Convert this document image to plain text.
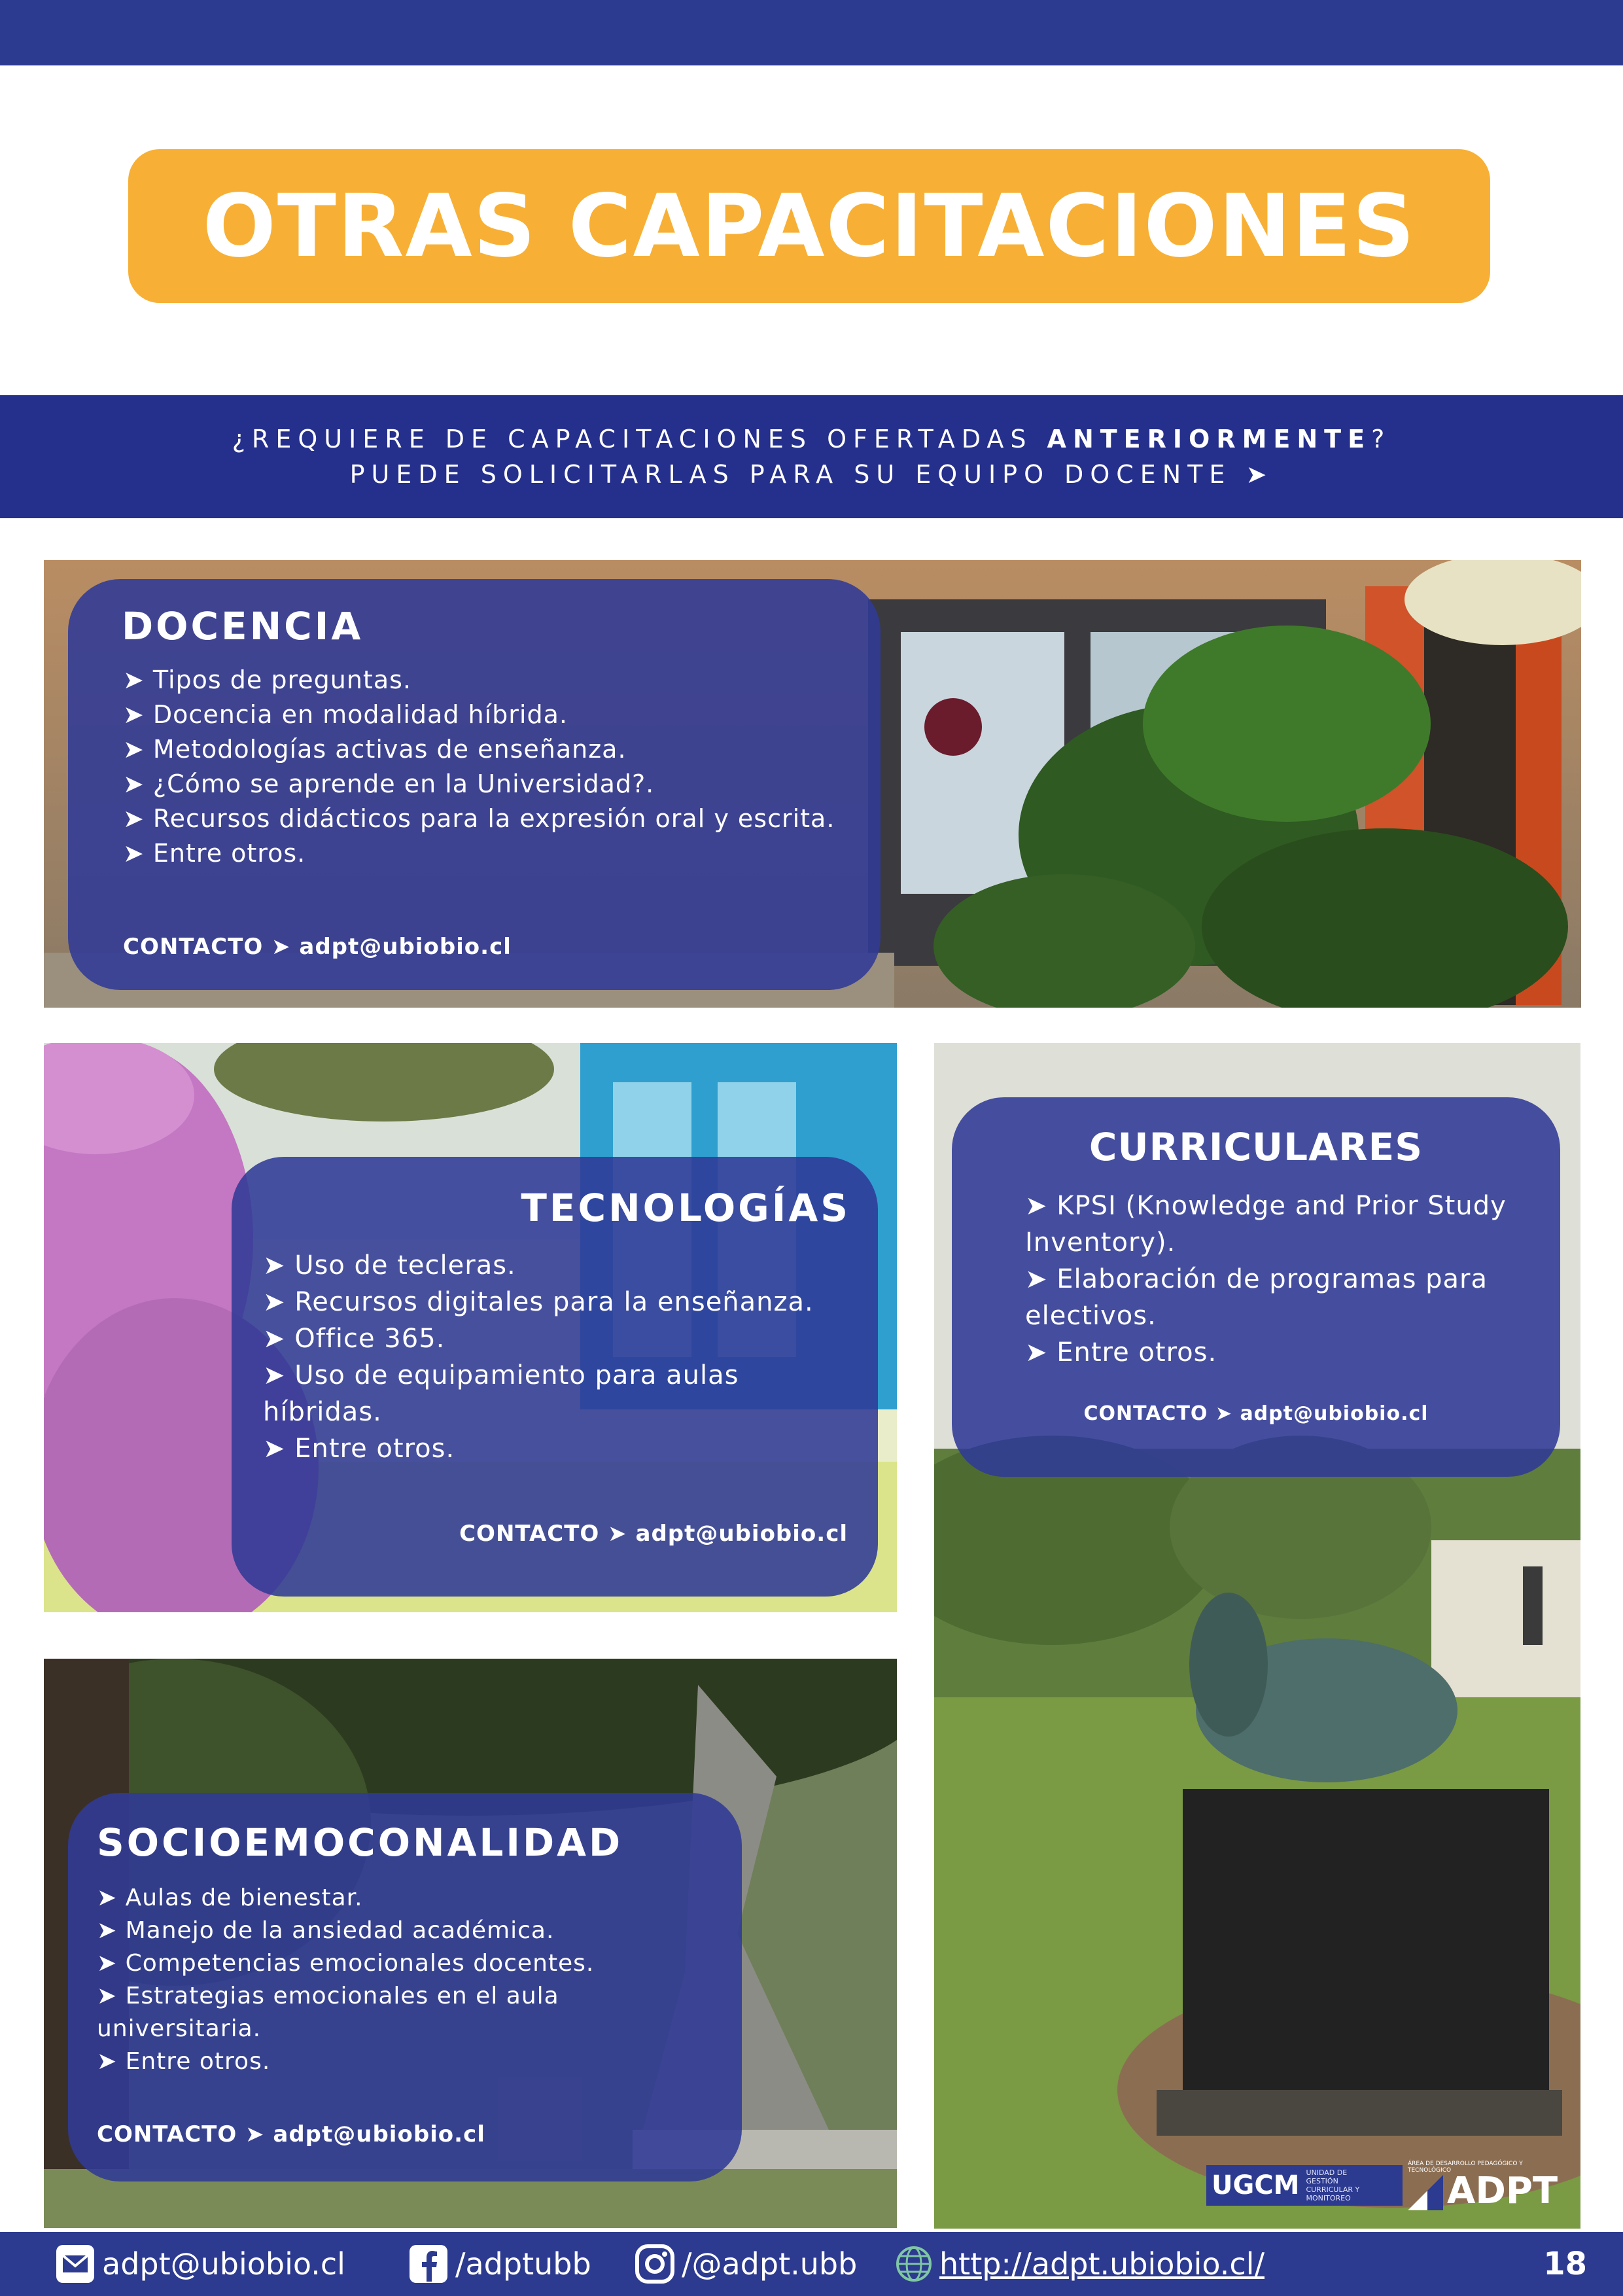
OTRAS CAPACITACIONES
¿REQUIERE DE CAPACITACIONES OFERTADAS ANTERIORMENTE?
PUEDE SOLICITARLAS PARA SU EQUIPO DOCENTE ➤
DOCENCIA
➤ Tipos de preguntas.
➤ Docencia en modalidad híbrida.
➤ Metodologías activas de enseñanza.
➤ ¿Cómo se aprende en la Universidad?.
➤ Recursos didácticos para la expresión oral y escrita.
➤ Entre otros.
CONTACTO ➤ adpt@ubiobio.cl
TECNOLOGÍAS
➤ Uso de tecleras.
➤ Recursos digitales para la enseñanza.
➤ Office 365.
➤ Uso de equipamiento para aulas híbridas.
➤ Entre otros.
CONTACTO ➤ adpt@ubiobio.cl
CURRICULARES
➤ KPSI (Knowledge and Prior Study Inventory).
➤ Elaboración de programas para electivos.
➤ Entre otros.
CONTACTO ➤ adpt@ubiobio.cl
SOCIOEMOCONALIDAD
➤ Aulas de bienestar.
➤ Manejo de la ansiedad académica.
➤ Competencias emocionales docentes.
➤ Estrategias emocionales en el aula universitaria.
➤ Entre otros.
CONTACTO ➤ adpt@ubiobio.cl
UGCM UNIDAD DE GESTIÓN CURRICULAR Y MONITOREO
ÁREA DE DESARROLLO PEDAGÓGICO Y TECNOLÓGICO
ADPT
adpt@ubiobio.cl	/adptubb	/@adpt.ubb	http://adpt.ubiobio.cl/	18
